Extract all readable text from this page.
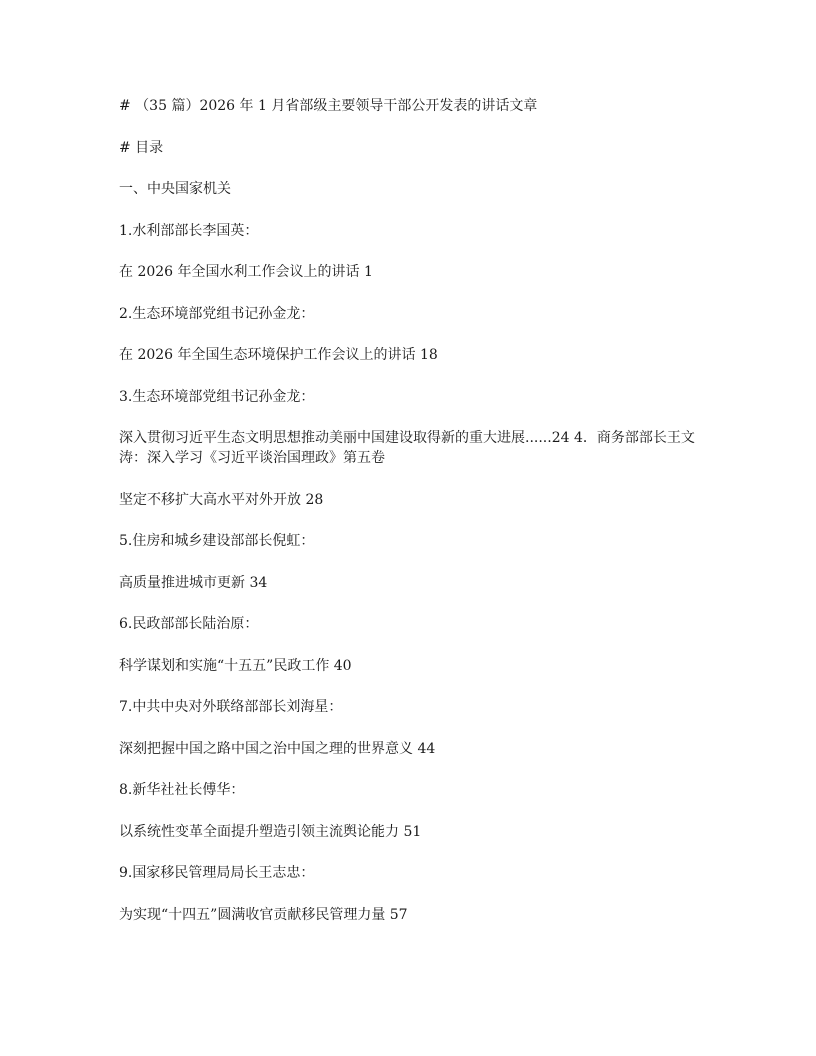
# （35 篇）2026 年 1 月省部级主要领导干部公开发表的讲话文章

# 目录

一、中央国家机关

1.水利部部长李国英：

在 2026 年全国水利工作会议上的讲话 1

2.生态环境部党组书记孙金龙：

在 2026 年全国生态环境保护工作会议上的讲话 18

3.生态环境部党组书记孙金龙：

深入贯彻习近平生态文明思想推动美丽中国建设取得新的重大进展......24 4．商务部部长王文涛：深入学习《习近平谈治国理政》第五卷

坚定不移扩大高水平对外开放 28

5.住房和城乡建设部部长倪虹：

高质量推进城市更新 34

6.民政部部长陆治原：

科学谋划和实施“十五五”民政工作 40

7.中共中央对外联络部部长刘海星：

深刻把握中国之路中国之治中国之理的世界意义 44

8.新华社社长傅华：

以系统性变革全面提升塑造引领主流舆论能力 51

9.国家移民管理局局长王志忠：

为实现“十四五”圆满收官贡献移民管理力量 57
